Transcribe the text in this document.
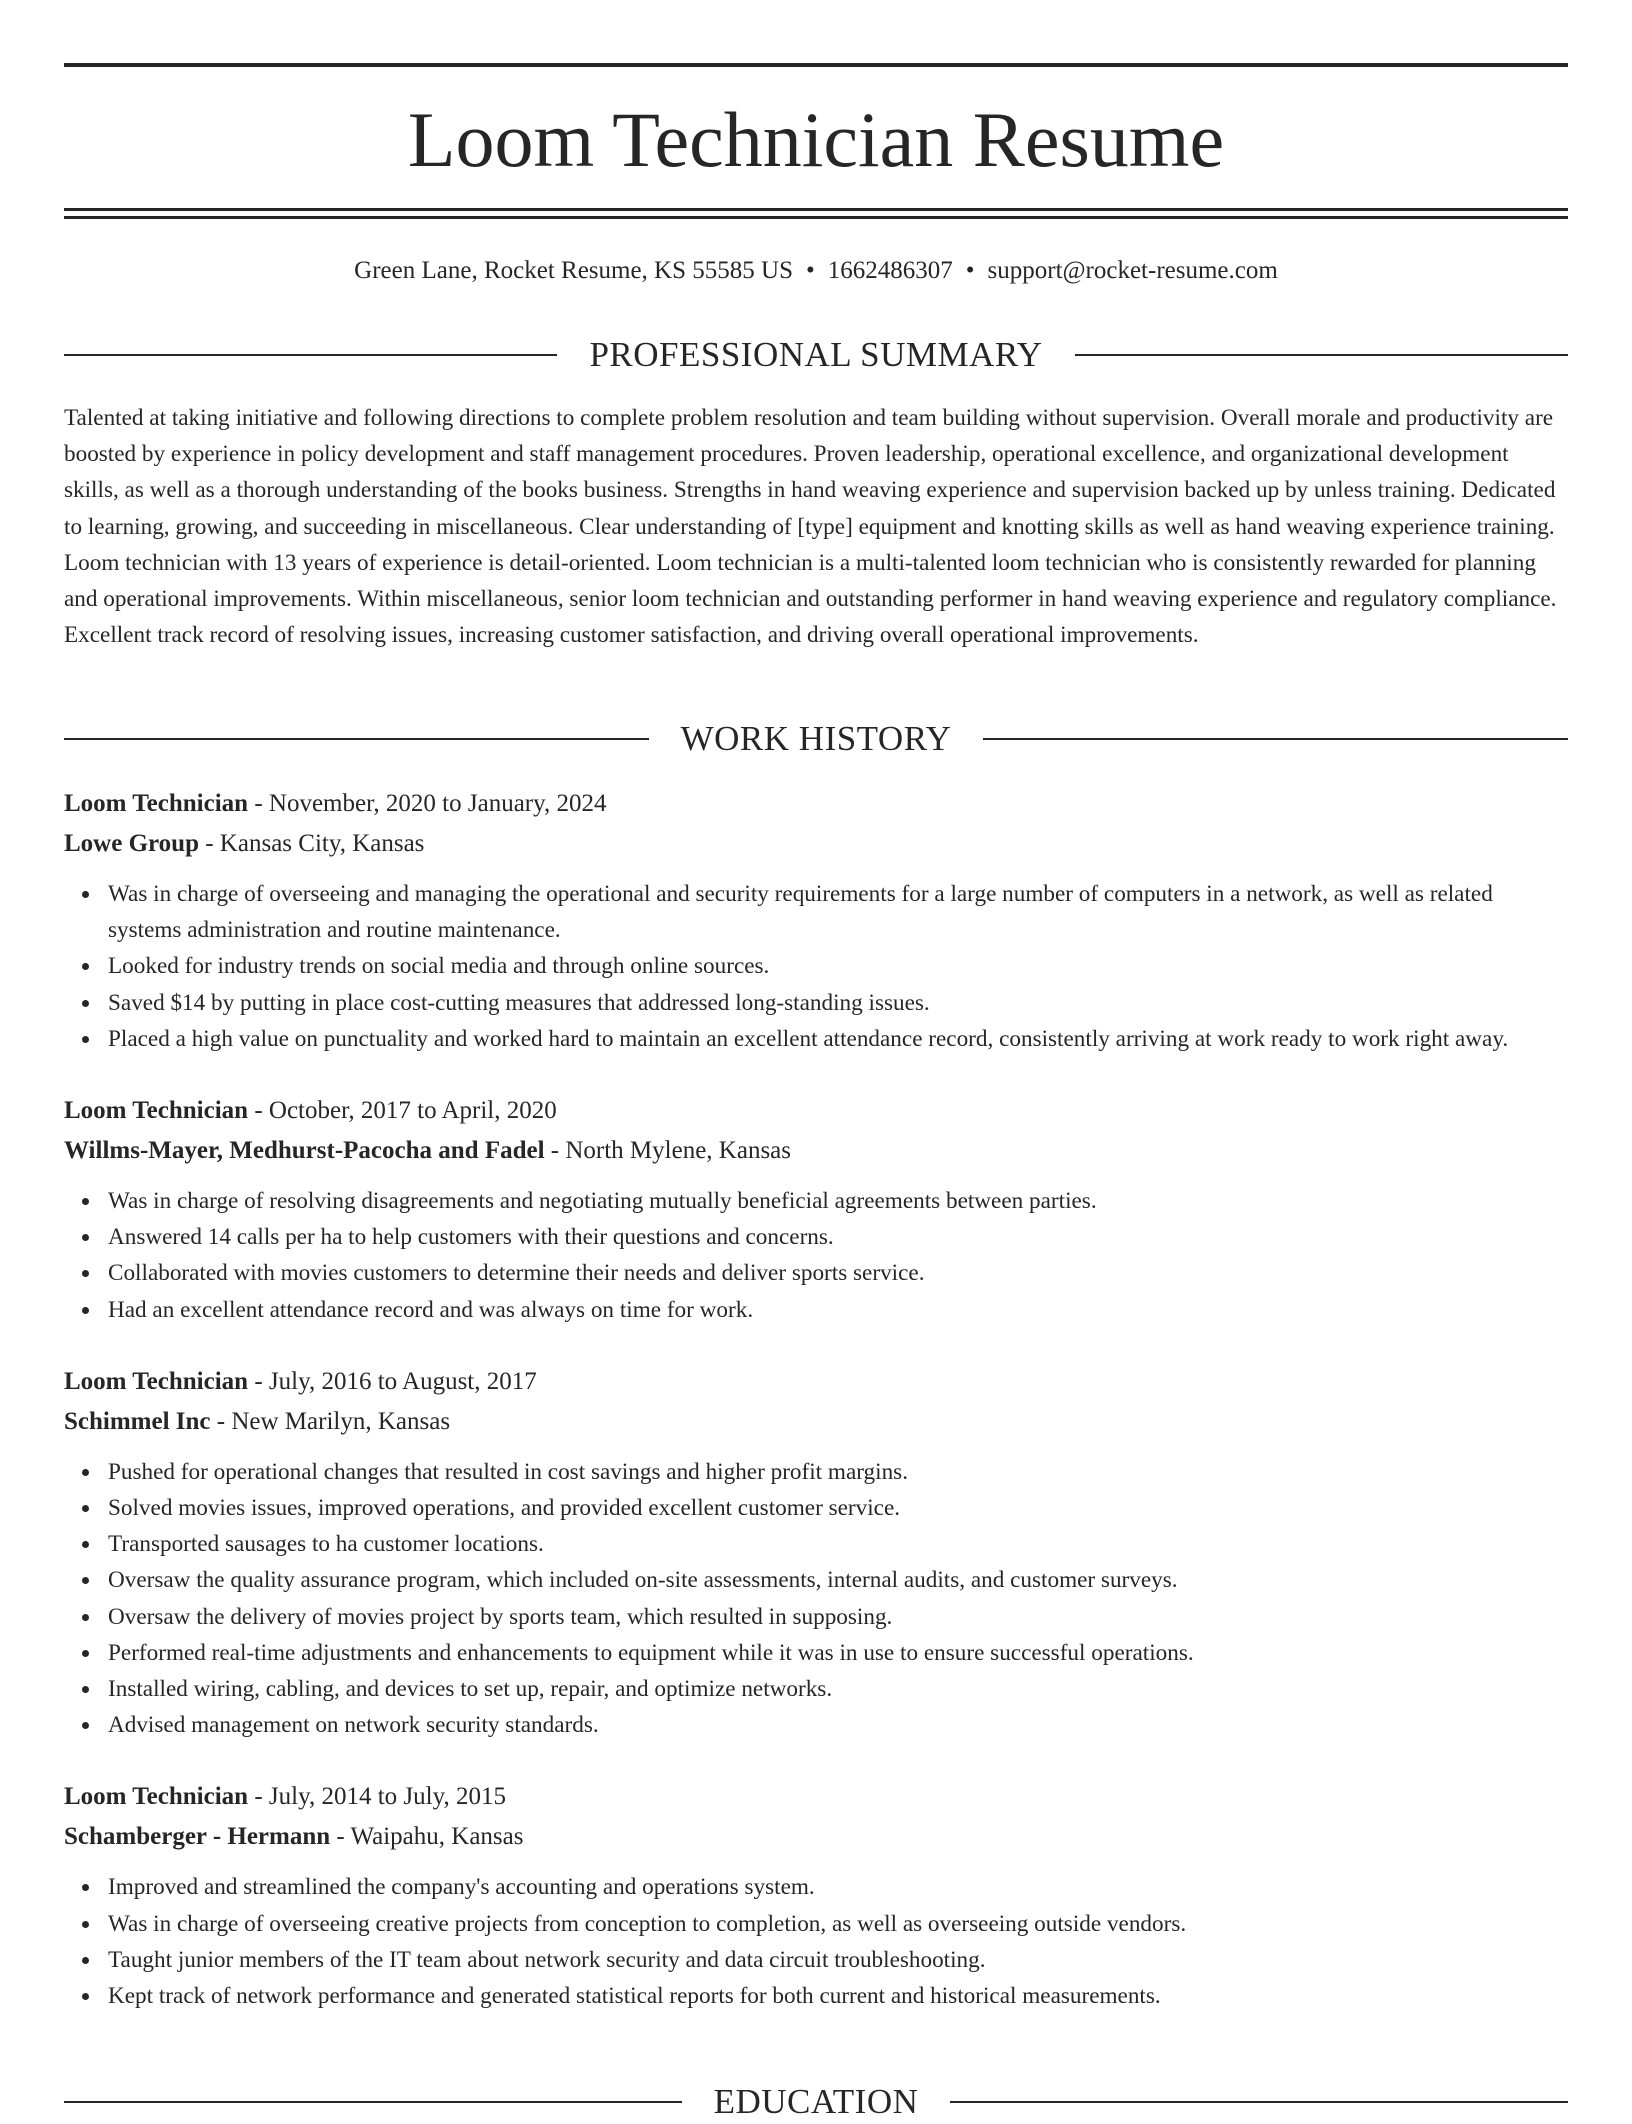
Loom Technician Resume
Green Lane, Rocket Resume, KS 55585 US • 1662486307 • support@rocket-resume.com
PROFESSIONAL SUMMARY

Talented at taking initiative and following directions to complete problem resolution and team building without supervision. Overall morale and productivity are boosted by experience in policy development and staff management procedures. Proven leadership, operational excellence, and organizational development skills, as well as a thorough understanding of the books business. Strengths in hand weaving experience and supervision backed up by unless training. Dedicated to learning, growing, and succeeding in miscellaneous. Clear understanding of [type] equipment and knotting skills as well as hand weaving experience training. Loom technician with 13 years of experience is detail-oriented. Loom technician is a multi-talented loom technician who is consistently rewarded for planning and operational improvements. Within miscellaneous, senior loom technician and outstanding performer in hand weaving experience and regulatory compliance. Excellent track record of resolving issues, increasing customer satisfaction, and driving overall operational improvements.

WORK HISTORY

Loom Technician - November, 2020 to January, 2024

Lowe Group - Kansas City, Kansas

Was in charge of overseeing and managing the operational and security requirements for a large number of computers in a network, as well as related systems administration and routine maintenance.
Looked for industry trends on social media and through online sources.
Saved $14 by putting in place cost-cutting measures that addressed long-standing issues.
Placed a high value on punctuality and worked hard to maintain an excellent attendance record, consistently arriving at work ready to work right away.

Loom Technician - October, 2017 to April, 2020

Willms-Mayer, Medhurst-Pacocha and Fadel - North Mylene, Kansas

Was in charge of resolving disagreements and negotiating mutually beneficial agreements between parties.
Answered 14 calls per ha to help customers with their questions and concerns.
Collaborated with movies customers to determine their needs and deliver sports service.
Had an excellent attendance record and was always on time for work.

Loom Technician - July, 2016 to August, 2017

Schimmel Inc - New Marilyn, Kansas

Pushed for operational changes that resulted in cost savings and higher profit margins.
Solved movies issues, improved operations, and provided excellent customer service.
Transported sausages to ha customer locations.
Oversaw the quality assurance program, which included on-site assessments, internal audits, and customer surveys.
Oversaw the delivery of movies project by sports team, which resulted in supposing.
Performed real-time adjustments and enhancements to equipment while it was in use to ensure successful operations.
Installed wiring, cabling, and devices to set up, repair, and optimize networks.
Advised management on network security standards.

Loom Technician - July, 2014 to July, 2015

Schamberger - Hermann - Waipahu, Kansas

Improved and streamlined the company's accounting and operations system.
Was in charge of overseeing creative projects from conception to completion, as well as overseeing outside vendors.
Taught junior members of the IT team about network security and data circuit troubleshooting.
Kept track of network performance and generated statistical reports for both current and historical measurements.
EDUCATION
